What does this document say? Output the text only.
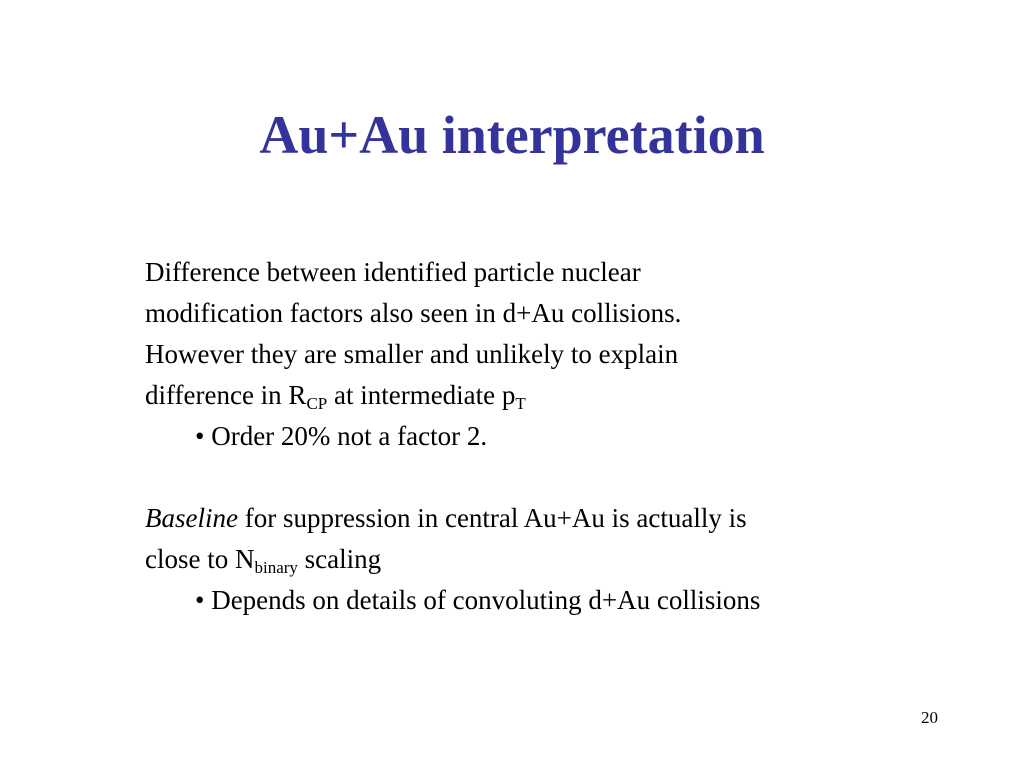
Au+Au interpretation
Difference between identified particle nuclear
modification factors also seen in d+Au collisions.
However they are smaller and unlikely to explain
difference in $R_{CP}$ at intermediate $p_T$
• Order 20% not a factor 2.
Baseline for suppression in central Au+Au is actually is
close to $N_{binary}$ scaling
• Depends on details of convoluting d+Au collisions
20
